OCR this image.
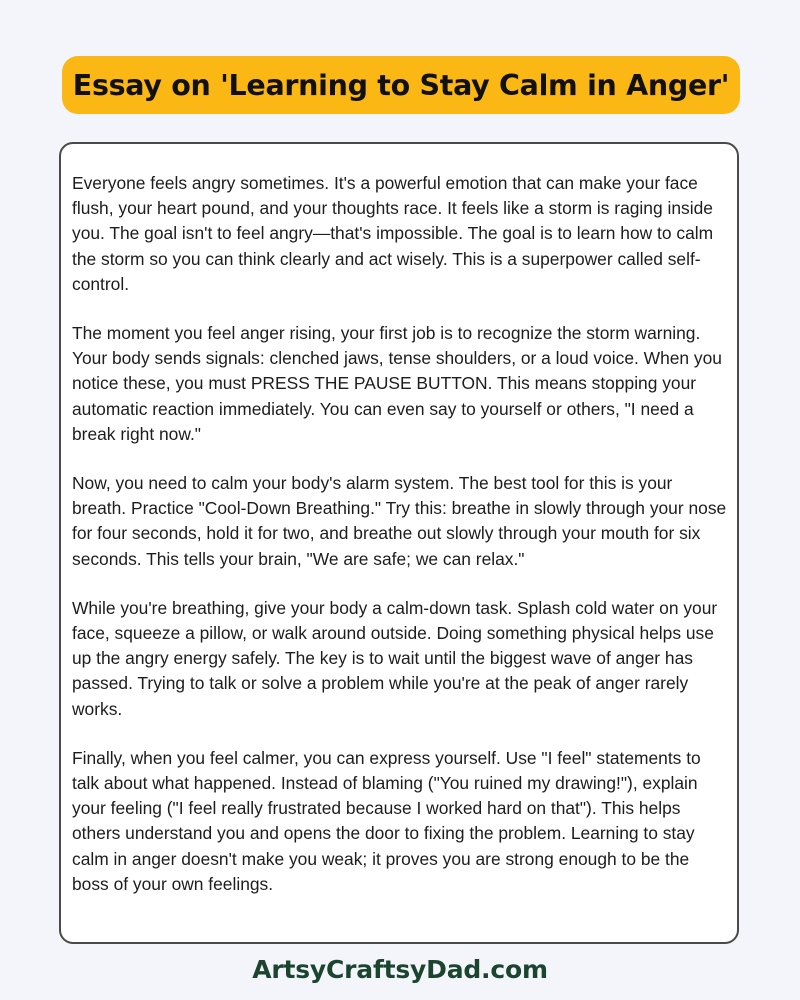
Essay on 'Learning to Stay Calm in Anger'

Everyone feels angry sometimes. It's a powerful emotion that can make your face flush, your heart pound, and your thoughts race. It feels like a storm is raging inside you. The goal isn't to feel angry—that's impossible. The goal is to learn how to calm the storm so you can think clearly and act wisely. This is a superpower called self-control.

The moment you feel anger rising, your first job is to recognize the storm warning. Your body sends signals: clenched jaws, tense shoulders, or a loud voice. When you notice these, you must PRESS THE PAUSE BUTTON. This means stopping your automatic reaction immediately. You can even say to yourself or others, "I need a break right now."

Now, you need to calm your body's alarm system. The best tool for this is your breath. Practice "Cool-Down Breathing." Try this: breathe in slowly through your nose for four seconds, hold it for two, and breathe out slowly through your mouth for six seconds. This tells your brain, "We are safe; we can relax."

While you're breathing, give your body a calm-down task. Splash cold water on your face, squeeze a pillow, or walk around outside. Doing something physical helps use up the angry energy safely. The key is to wait until the biggest wave of anger has passed. Trying to talk or solve a problem while you're at the peak of anger rarely works.

Finally, when you feel calmer, you can express yourself. Use "I feel" statements to talk about what happened. Instead of blaming ("You ruined my drawing!"), explain your feeling ("I feel really frustrated because I worked hard on that"). This helps others understand you and opens the door to fixing the problem. Learning to stay calm in anger doesn't make you weak; it proves you are strong enough to be the boss of your own feelings.

ArtsyCraftsyDad.com
